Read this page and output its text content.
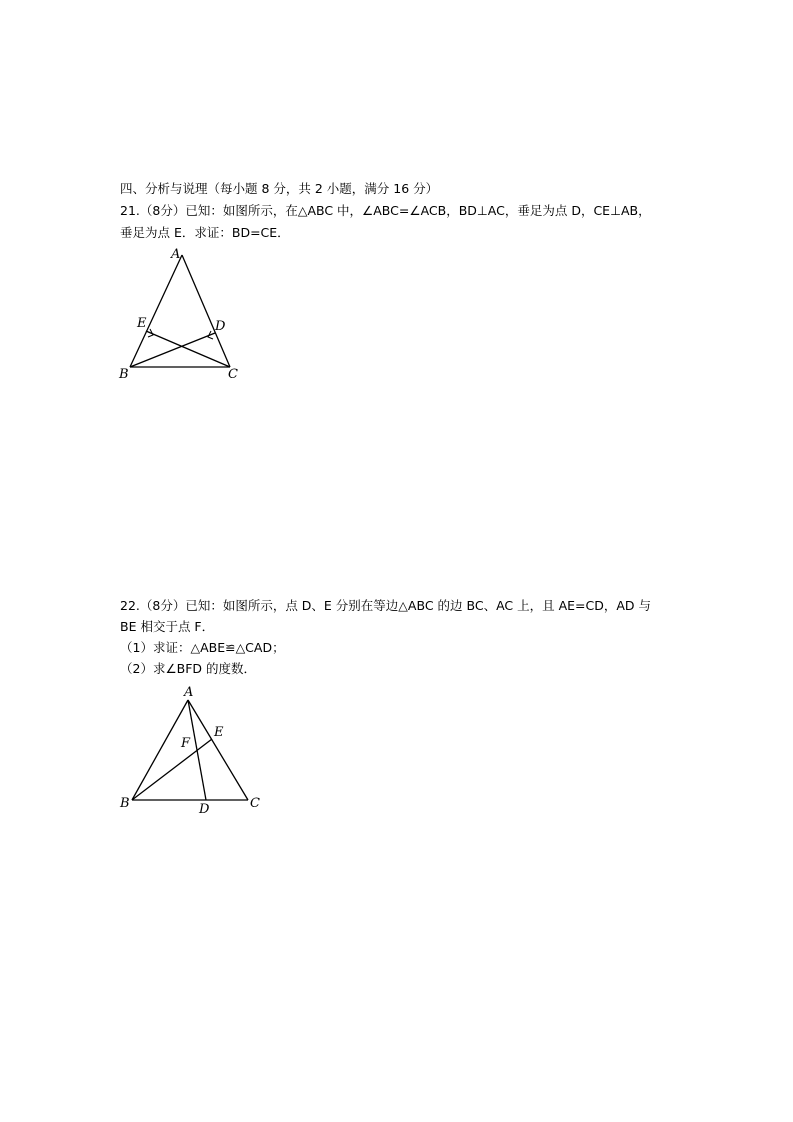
四、分析与说理（每小题 8 分，共 2 小题，满分 16 分）
21.（8分）已知：如图所示，在△ABC 中，∠ABC=∠ACB，BD⊥AC，垂足为点 D，CE⊥AB，
垂足为点 E．求证：BD=CE．
A
E	D
B	C
22.（8分）已知：如图所示，点 D、E 分别在等边△ABC 的边 BC、AC 上，且 AE=CD，AD 与
BE 相交于点 F．
（1）求证：△ABE≌△CAD；
（2）求∠BFD 的度数．
A
E
F
B	D	C
